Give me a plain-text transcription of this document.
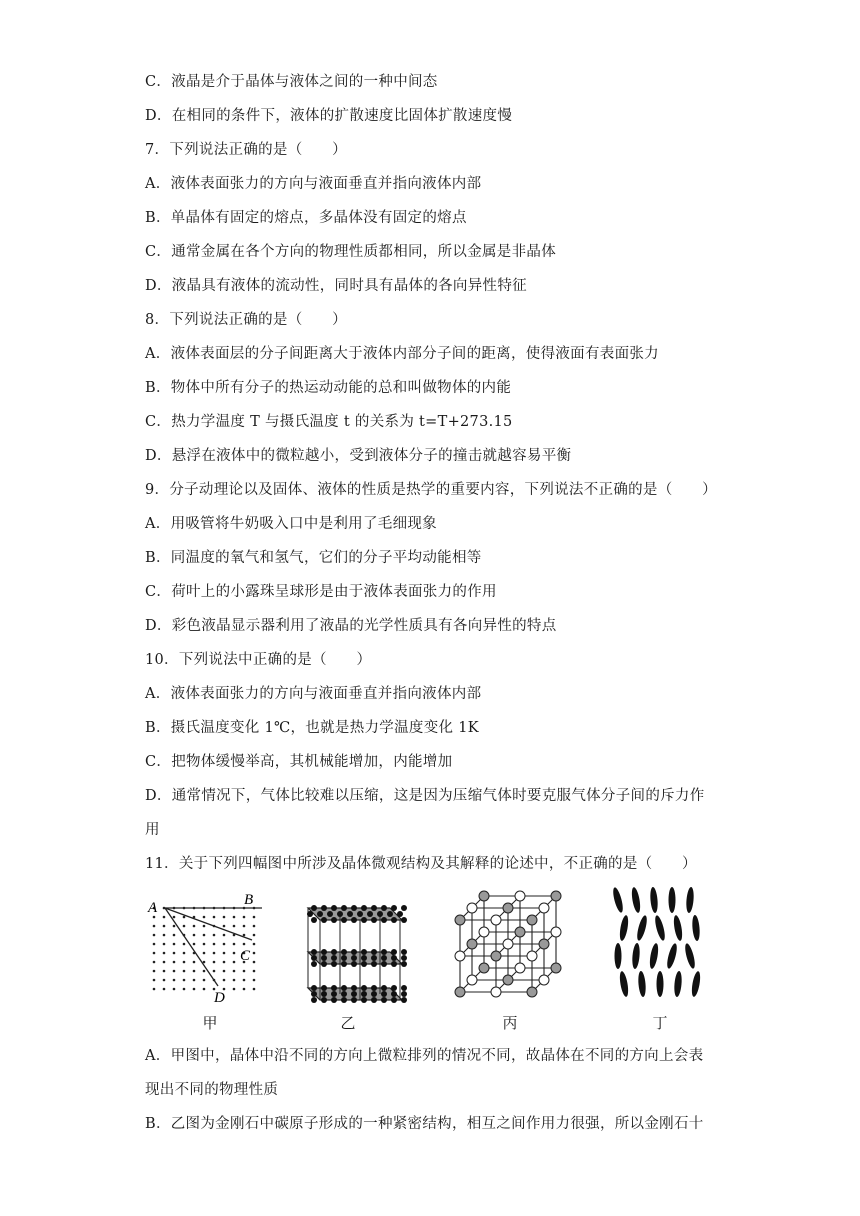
C．液晶是介于晶体与液体之间的一种中间态
D．在相同的条件下，液体的扩散速度比固体扩散速度慢
7．下列说法正确的是（　　）
A．液体表面张力的方向与液面垂直并指向液体内部
B．单晶体有固定的熔点，多晶体没有固定的熔点
C．通常金属在各个方向的物理性质都相同，所以金属是非晶体
D．液晶具有液体的流动性，同时具有晶体的各向异性特征
8．下列说法正确的是（　　）
A．液体表面层的分子间距离大于液体内部分子间的距离，使得液面有表面张力
B．物体中所有分子的热运动动能的总和叫做物体的内能
C．热力学温度 T 与摄氏温度 t 的关系为 t=T+273.15
D．悬浮在液体中的微粒越小，受到液体分子的撞击就越容易平衡
9．分子动理论以及固体、液体的性质是热学的重要内容，下列说法不正确的是（　　）
A．用吸管将牛奶吸入口中是利用了毛细现象
B．同温度的氧气和氢气，它们的分子平均动能相等
C．荷叶上的小露珠呈球形是由于液体表面张力的作用
D．彩色液晶显示器利用了液晶的光学性质具有各向异性的特点
10．下列说法中正确的是（　　）
A．液体表面张力的方向与液面垂直并指向液体内部
B．摄氏温度变化 1℃，也就是热力学温度变化 1K
C．把物体缓慢举高，其机械能增加，内能增加
D．通常情况下，气体比较难以压缩，这是因为压缩气体时要克服气体分子间的斥力作
用
11．关于下列四幅图中所涉及晶体微观结构及其解释的论述中，不正确的是（　　）
A	B
C
D
甲	乙	丙	丁
A．甲图中，晶体中沿不同的方向上微粒排列的情况不同，故晶体在不同的方向上会表
现出不同的物理性质
B．乙图为金刚石中碳原子形成的一种紧密结构，相互之间作用力很强，所以金刚石十
